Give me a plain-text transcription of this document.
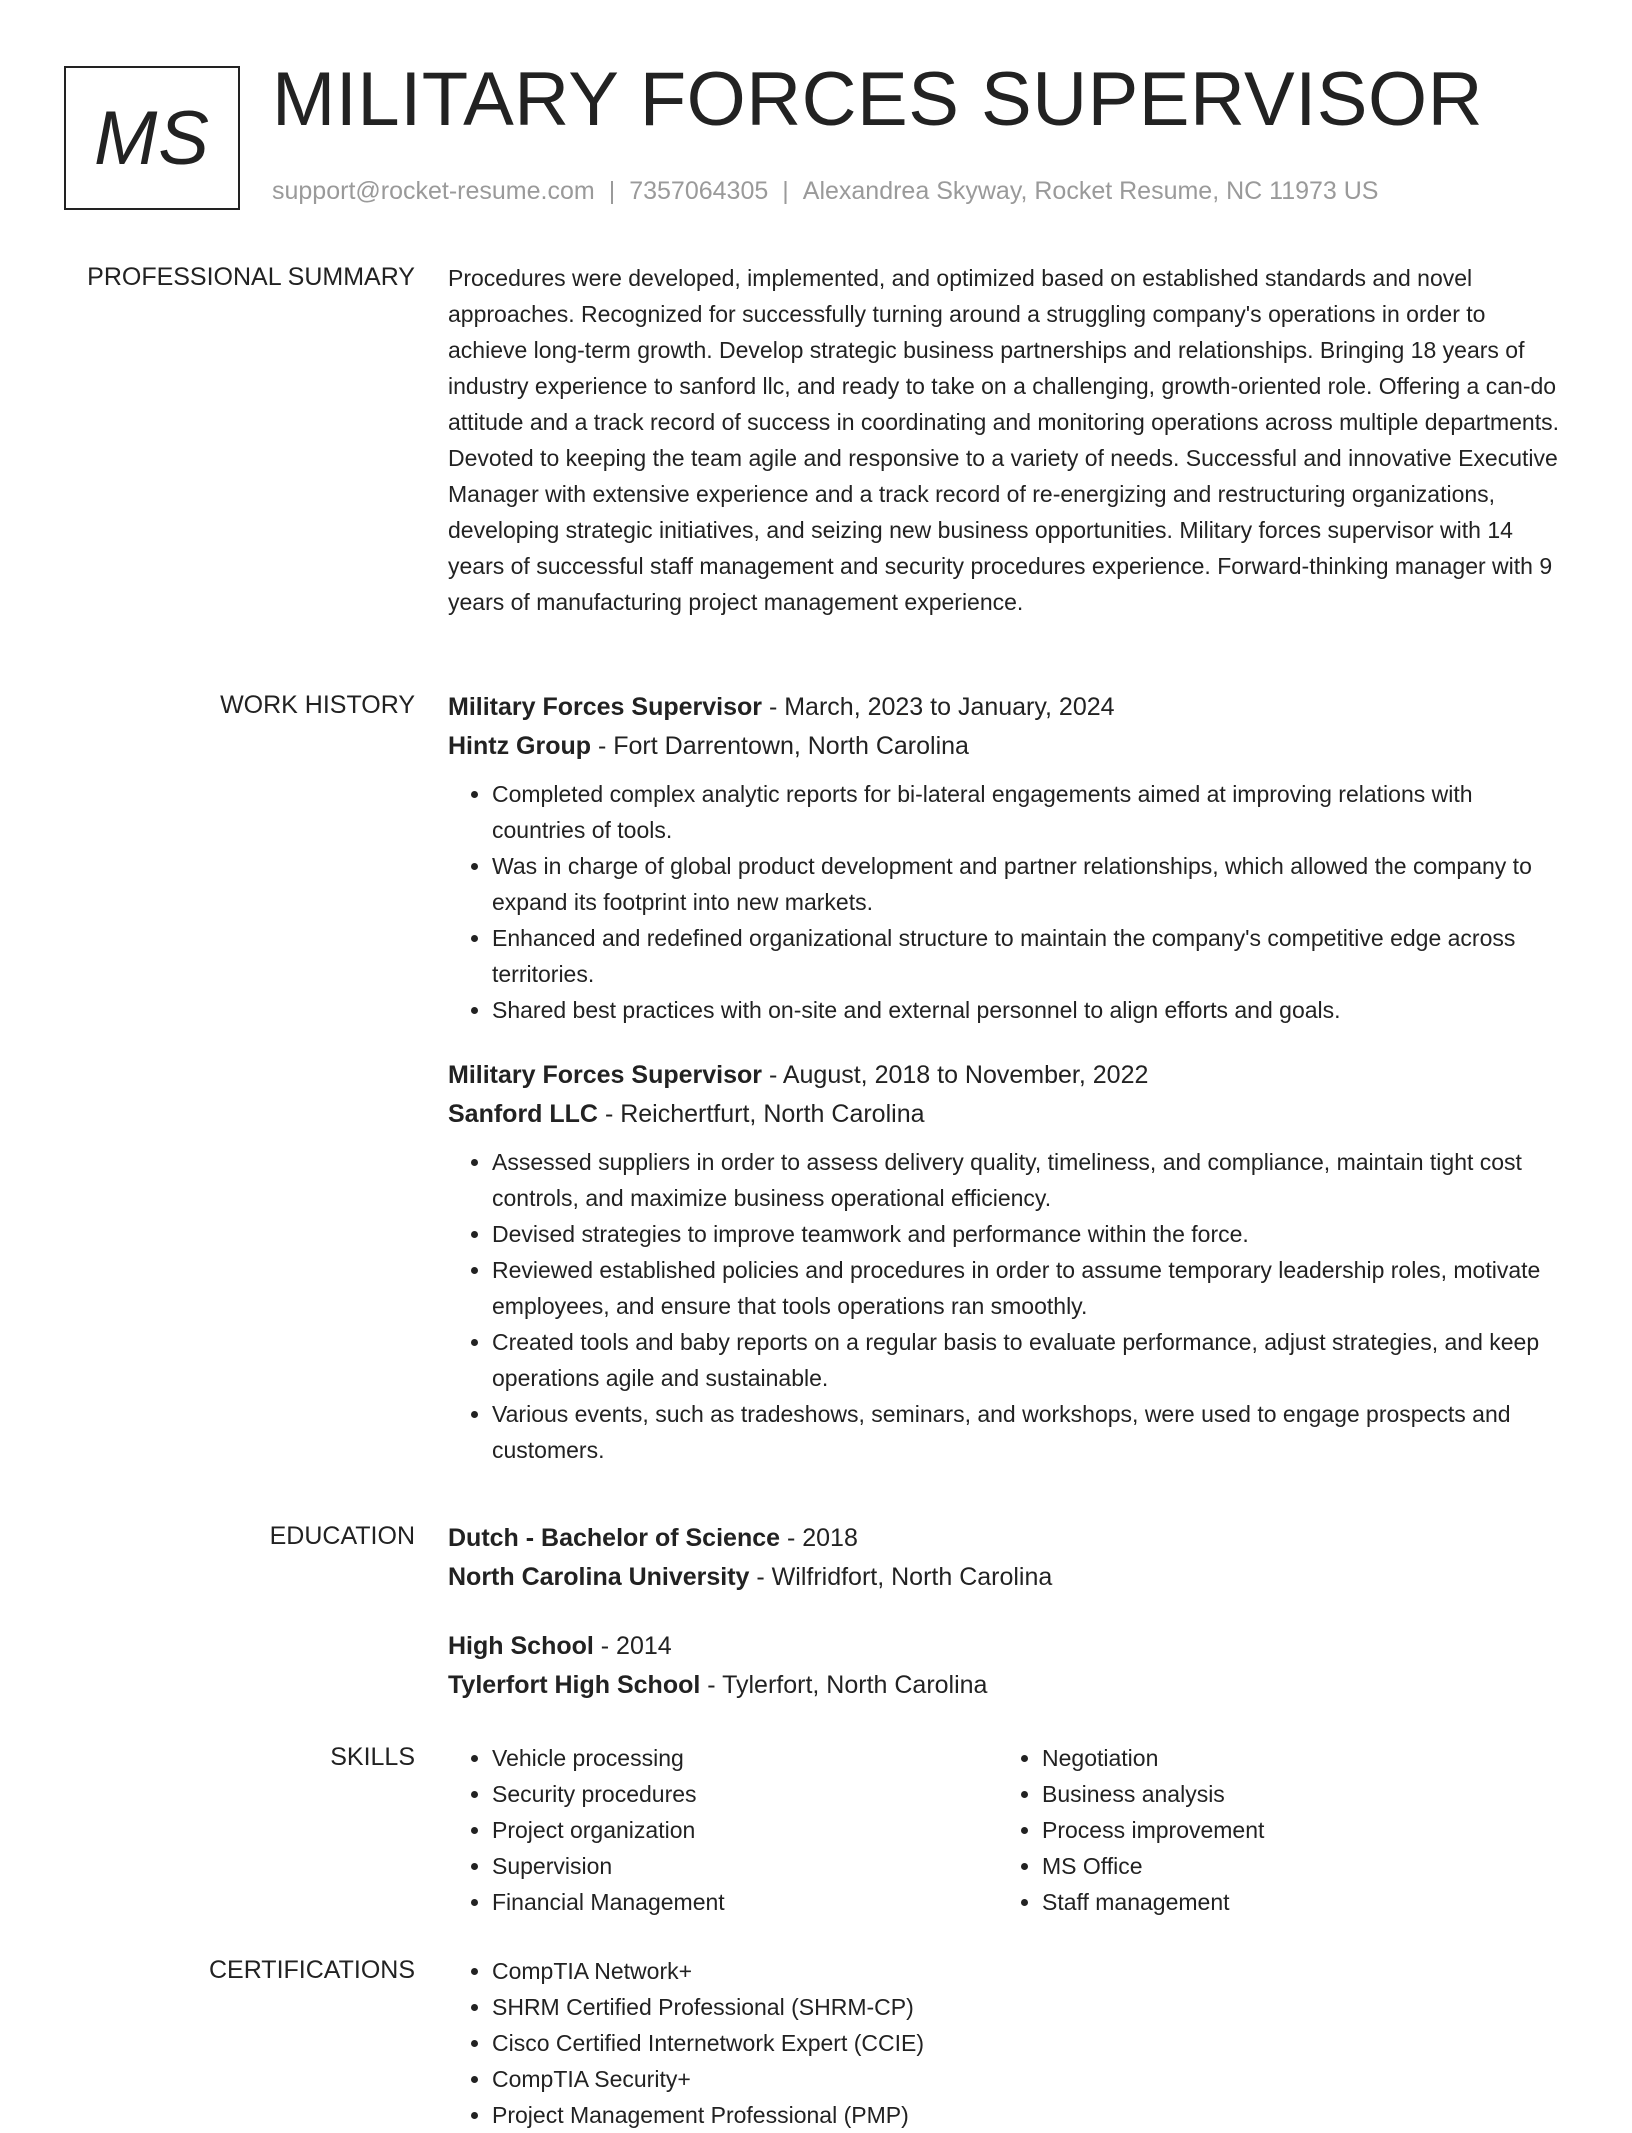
MS MILITARY FORCES SUPERVISOR
support@rocket-resume.com | 7357064305 | Alexandrea Skyway, Rocket Resume, NC 11973 US
PROFESSIONAL SUMMARY Procedures were developed, implemented, and optimized based on established standards and novel approaches. Recognized for successfully turning around a struggling company's operations in order to achieve long-term growth. Develop strategic business partnerships and relationships. Bringing 18 years of industry experience to sanford llc, and ready to take on a challenging, growth-oriented role. Offering a can-do attitude and a track record of success in coordinating and monitoring operations across multiple departments. Devoted to keeping the team agile and responsive to a variety of needs. Successful and innovative Executive Manager with extensive experience and a track record of re-energizing and restructuring organizations, developing strategic initiatives, and seizing new business opportunities. Military forces supervisor with 14 years of successful staff management and security procedures experience. Forward-thinking manager with 9 years of manufacturing project management experience.

WORK HISTORY Military Forces Supervisor - March, 2023 to January, 2024
Hintz Group - Fort Darrentown, North Carolina
• Completed complex analytic reports for bi-lateral engagements aimed at improving relations with countries of tools.
• Was in charge of global product development and partner relationships, which allowed the company to expand its footprint into new markets.
• Enhanced and redefined organizational structure to maintain the company's competitive edge across territories.
• Shared best practices with on-site and external personnel to align efforts and goals.
Military Forces Supervisor - August, 2018 to November, 2022
Sanford LLC - Reichertfurt, North Carolina
• Assessed suppliers in order to assess delivery quality, timeliness, and compliance, maintain tight cost controls, and maximize business operational efficiency.
• Devised strategies to improve teamwork and performance within the force.
• Reviewed established policies and procedures in order to assume temporary leadership roles, motivate employees, and ensure that tools operations ran smoothly.
• Created tools and baby reports on a regular basis to evaluate performance, adjust strategies, and keep operations agile and sustainable.
• Various events, such as tradeshows, seminars, and workshops, were used to engage prospects and customers.
EDUCATION Dutch - Bachelor of Science - 2018
North Carolina University - Wilfridfort, North Carolina
High School - 2014
Tylerfort High School - Tylerfort, North Carolina
SKILLS	• Vehicle processing
• Security procedures
• Project organization
• Supervision
• Financial Management
• Negotiation
• Business analysis
• Process improvement
• MS Office
• Staff management
CERTIFICATIONS	• CompTIA Network+
• SHRM Certified Professional (SHRM-CP)
• Cisco Certified Internetwork Expert (CCIE)
• CompTIA Security+
• Project Management Professional (PMP)
